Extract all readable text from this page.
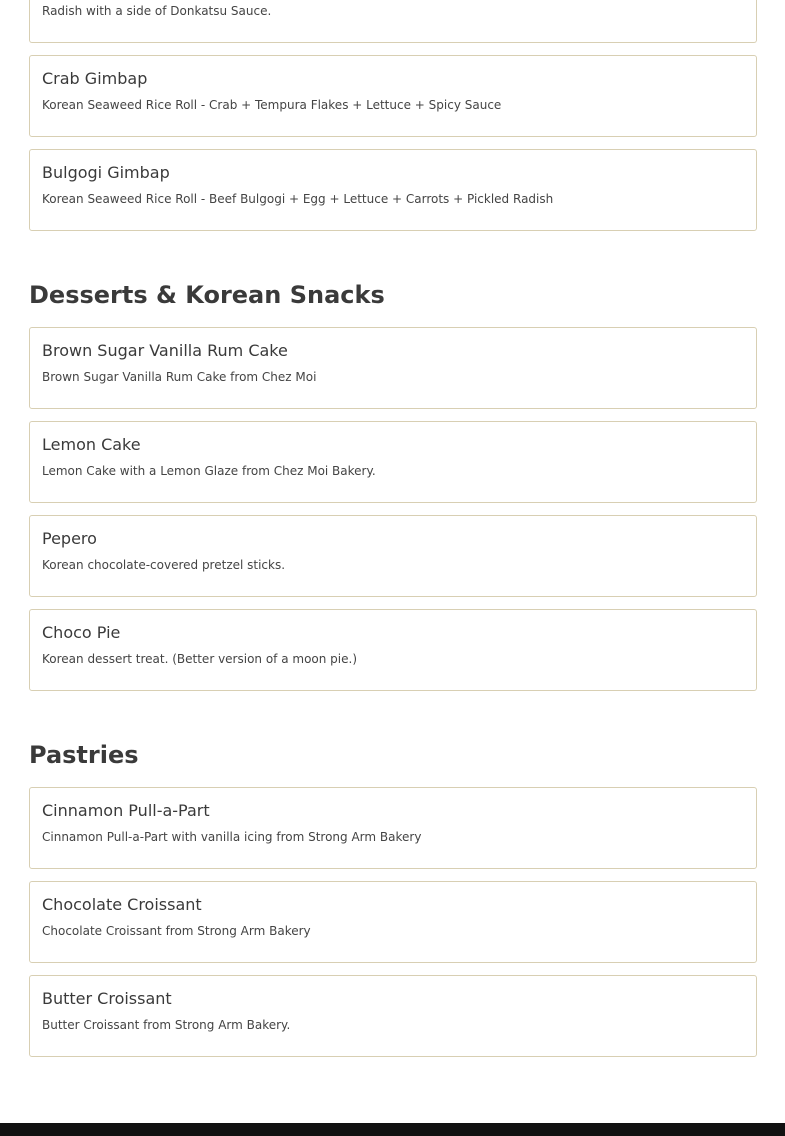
Radish with a side of Donkatsu Sauce.
Crab Gimbap
Korean Seaweed Rice Roll - Crab + Tempura Flakes + Lettuce + Spicy Sauce
Bulgogi Gimbap
Korean Seaweed Rice Roll - Beef Bulgogi + Egg + Lettuce + Carrots + Pickled Radish
Desserts & Korean Snacks
Brown Sugar Vanilla Rum Cake
Brown Sugar Vanilla Rum Cake from Chez Moi
Lemon Cake
Lemon Cake with a Lemon Glaze from Chez Moi Bakery.
Pepero
Korean chocolate-covered pretzel sticks.
Choco Pie
Korean dessert treat. (Better version of a moon pie.)
Pastries
Cinnamon Pull-a-Part
Cinnamon Pull-a-Part with vanilla icing from Strong Arm Bakery
Chocolate Croissant
Chocolate Croissant from Strong Arm Bakery
Butter Croissant
Butter Croissant from Strong Arm Bakery.
